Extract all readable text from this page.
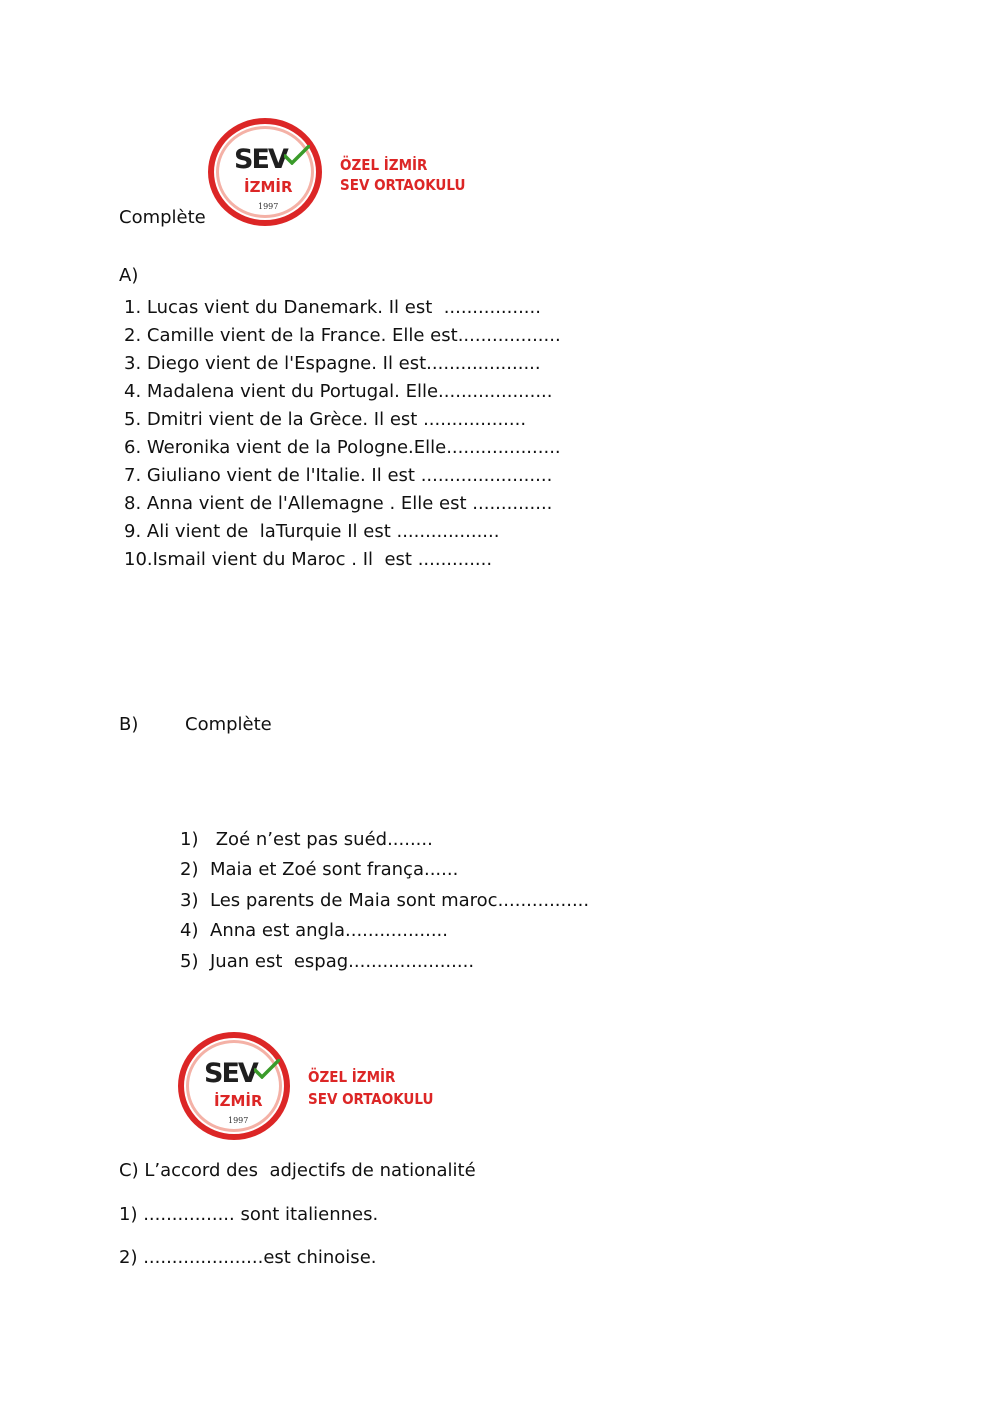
SEV
İZMİR
1997
ÖZEL İZMİR
SEV ORTAOKULU
Complète
A)
1. Lucas vient du Danemark. Il est  .................
2. Camille vient de la France. Elle est..................
3. Diego vient de l'Espagne. Il est....................
4. Madalena vient du Portugal. Elle....................
5. Dmitri vient de la Grèce. Il est ..................
6. Weronika vient de la Pologne.Elle....................
7. Giuliano vient de l'Italie. Il est .......................
8. Anna vient de l'Allemagne . Elle est ..............
9. Ali vient de  laTurquie Il est ..................
10.Ismail vient du Maroc . Il  est .............
B)	Complète
1) Zoé n’est pas suéd........
2) Maia et Zoé sont frança......
3) Les parents de Maia sont maroc................
4) Anna est angla..................
5) Juan est  espag......................
SEV
İZMİR
1997
ÖZEL İZMİR
SEV ORTAOKULU
C) L’accord des  adjectifs de nationalité
1) ................ sont italiennes.
2) .....................est chinoise.
